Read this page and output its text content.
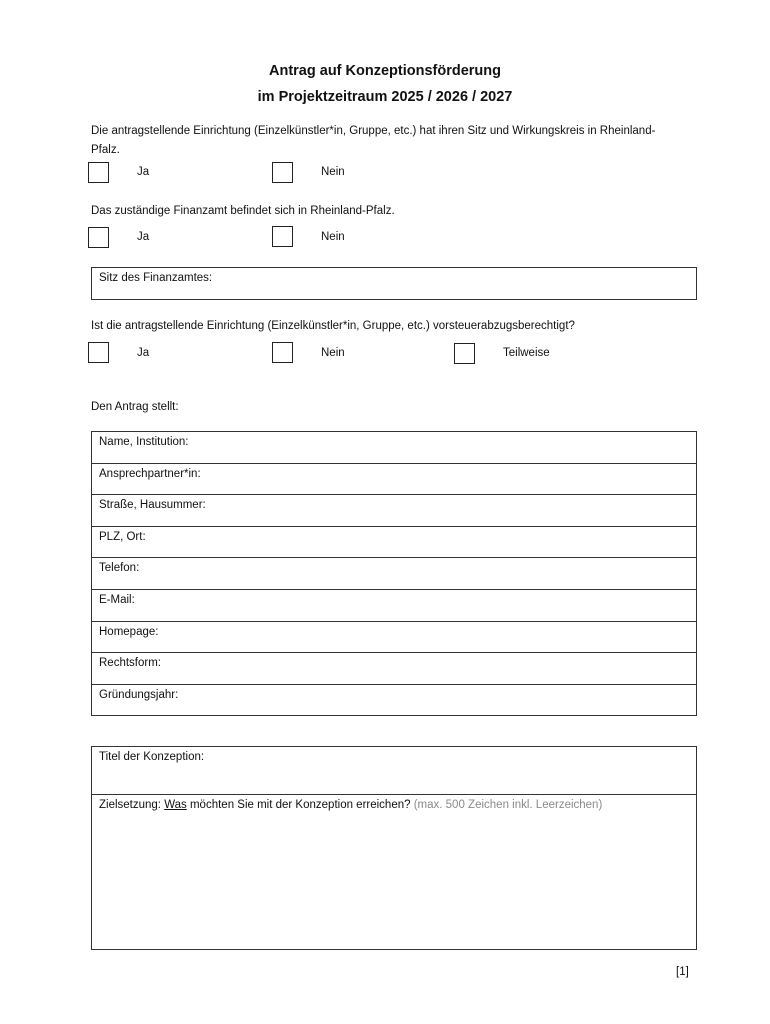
Antrag auf Konzeptionsförderung
im Projektzeitraum 2025 / 2026 / 2027
Die antragstellende Einrichtung (Einzelkünstler*in, Gruppe, etc.) hat ihren Sitz und Wirkungskreis in Rheinland-Pfalz.
Ja	Nein
Das zuständige Finanzamt befindet sich in Rheinland-Pfalz.
Ja	Nein
Sitz des Finanzamtes:
Ist die antragstellende Einrichtung (Einzelkünstler*in, Gruppe, etc.) vorsteuerabzugsberechtigt?
Ja	Nein	Teilweise
Den Antrag stellt:
Name, Institution:
Ansprechpartner*in:
Straße, Hausummer:
PLZ, Ort:
Telefon:
E-Mail:
Homepage:
Rechtsform:
Gründungsjahr:
Titel der Konzeption:
Zielsetzung: Was möchten Sie mit der Konzeption erreichen? (max. 500 Zeichen inkl. Leerzeichen)
[1]
